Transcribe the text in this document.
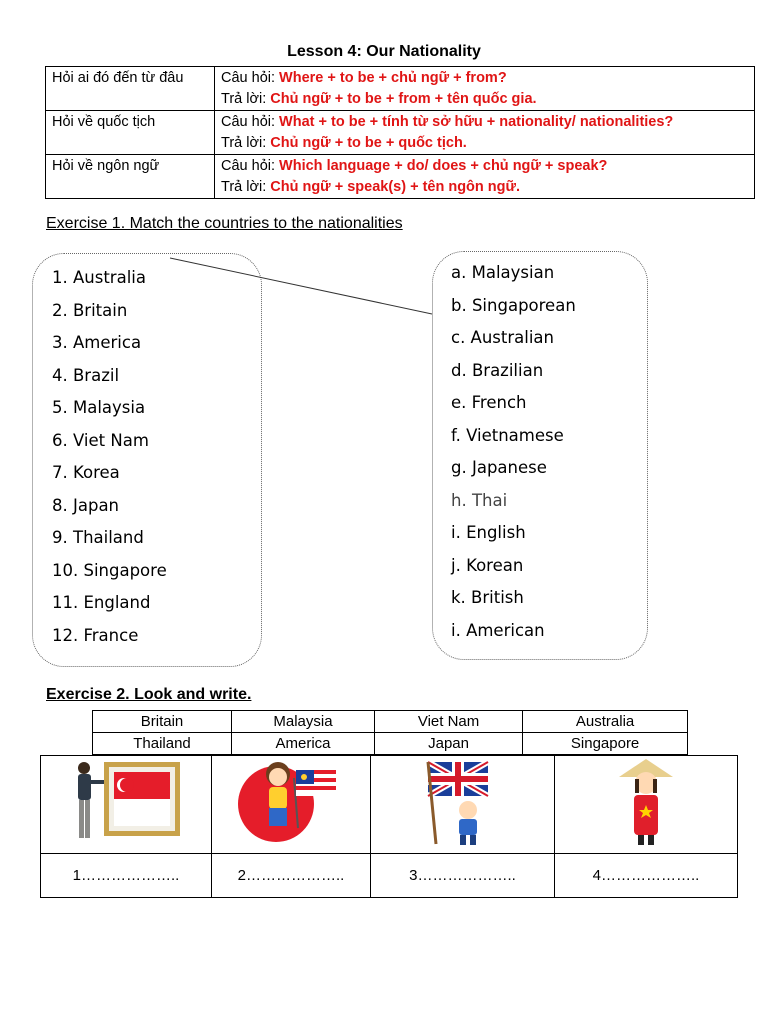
Lesson 4: Our Nationality
Hỏi ai đó đến từ đâu	Câu hỏi: Where + to be + chủ ngữ + from?
Trả lời: Chủ ngữ + to be + from + tên quốc gia.

Hỏi về quốc tịch	Câu hỏi: What + to be + tính từ sở hữu + nationality/ nationalities?
Trả lời: Chủ ngữ + to be + quốc tịch.

Hỏi về ngôn ngữ	Câu hỏi: Which language + do/ does + chủ ngữ + speak?
Trả lời: Chủ ngữ + speak(s) + tên ngôn ngữ.
Exercise 1. Match the countries to the nationalities
1. Australia
2. Britain
3. America
4. Brazil
5. Malaysia
6. Viet Nam
7. Korea
8. Japan
9. Thailand
10. Singapore
11. England
12. France
a. Malaysian
b. Singaporean
c. Australian
d. Brazilian
e. French
f. Vietnamese
g. Japanese
h. Thai
i. English
j. Korean
k. British
i. American
Exercise 2. Look and write.
Britain	Malaysia	Viet Nam	Australia
Thailand	America	Japan	Singapore

1………………..	2………………..	3………………..	4………………..
